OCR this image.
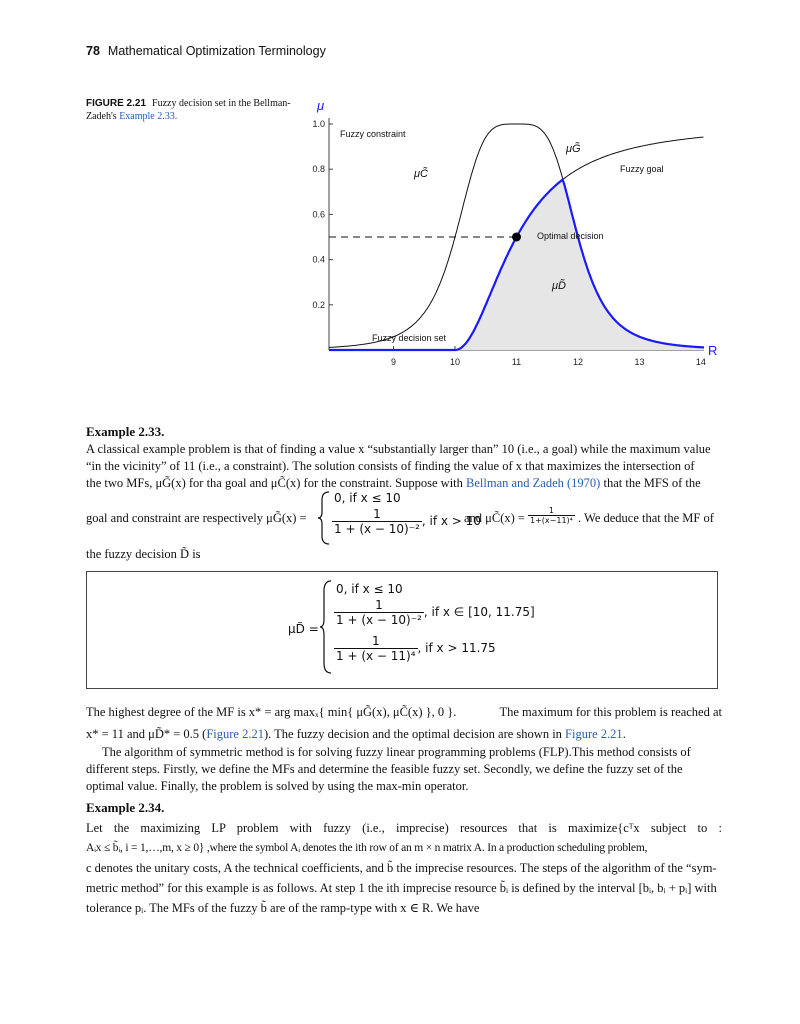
78 Mathematical Optimization Terminology
FIGURE 2.21 Fuzzy decision set in the Bellman-Zadeh's Example 2.33.
9	10	11	12	13	14
0.2
0.4
0.6
0.8
1.0
μ
R
Fuzzy constraint
Fuzzy goal
Optimal decision
Fuzzy decision set
μC̃
μG̃
μD̃
Example 2.33.
A classical example problem is that of finding a value x “substantially larger than” 10 (i.e., a goal) while the maximum value
“in the vicinity” of 11 (i.e., a constraint). The solution consists of finding the value of x that maximizes the intersection of
the two MFs, μG̃(x) for tha goal and μC̃(x) for the constraint. Suppose with Bellman and Zadeh (1970) that the MFS of the
goal and constraint are respectively μG̃(x) =
0, if x ≤ 10
$\frac{1}{\text{1 + (x − 10)⁻²}}$ , if x > 10
and μC̃(x) = $\frac{1}{\text{1+(x−11)⁴}}$ . We deduce that the MF of
the fuzzy decision D̃ is
μD̃ =
0, if x ≤ 10
$\frac{1}{\text{1 + (x − 10)⁻²}}$ , if x ∈ [10, 11.75]
$\frac{1}{\text{1 + (x − 11)⁴}}$ , if x > 11.75
The highest degree of the MF is x* = arg maxₓ{ min{ μG̃(x), μC̃(x) }, 0 }.	The maximum for this problem is reached at
x* = 11 and μD̃* = 0.5 (Figure 2.21). The fuzzy decision and the optimal decision are shown in Figure 2.21.
The algorithm of symmetric method is for solving fuzzy linear programming problems (FLP).This method consists of
different steps. Firstly, we define the MFs and determine the feasible fuzzy set. Secondly, we define the fuzzy set of the
optimal value. Finally, the problem is solved by using the max-min operator.
Example 2.34.
Let the maximizing LP problem with fuzzy (i.e., imprecise) resources that is maximize{cᵀx subject to :
Aᵢx ≤ b̃ᵢ, i = 1,…,m, x ≥ 0} ,where the symbol Aᵢ denotes the ith row of an m × n matrix A. In a production scheduling problem,
c denotes the unitary costs, A the technical coefficients, and b̃ the imprecise resources. The steps of the algorithm of the “sym-
metric method” for this example is as follows. At step 1 the ith imprecise resource b̃ᵢ is defined by the interval [bᵢ, bᵢ + pᵢ] with
tolerance pᵢ. The MFs of the fuzzy b̃ are of the ramp-type with x ∈ R. We have
